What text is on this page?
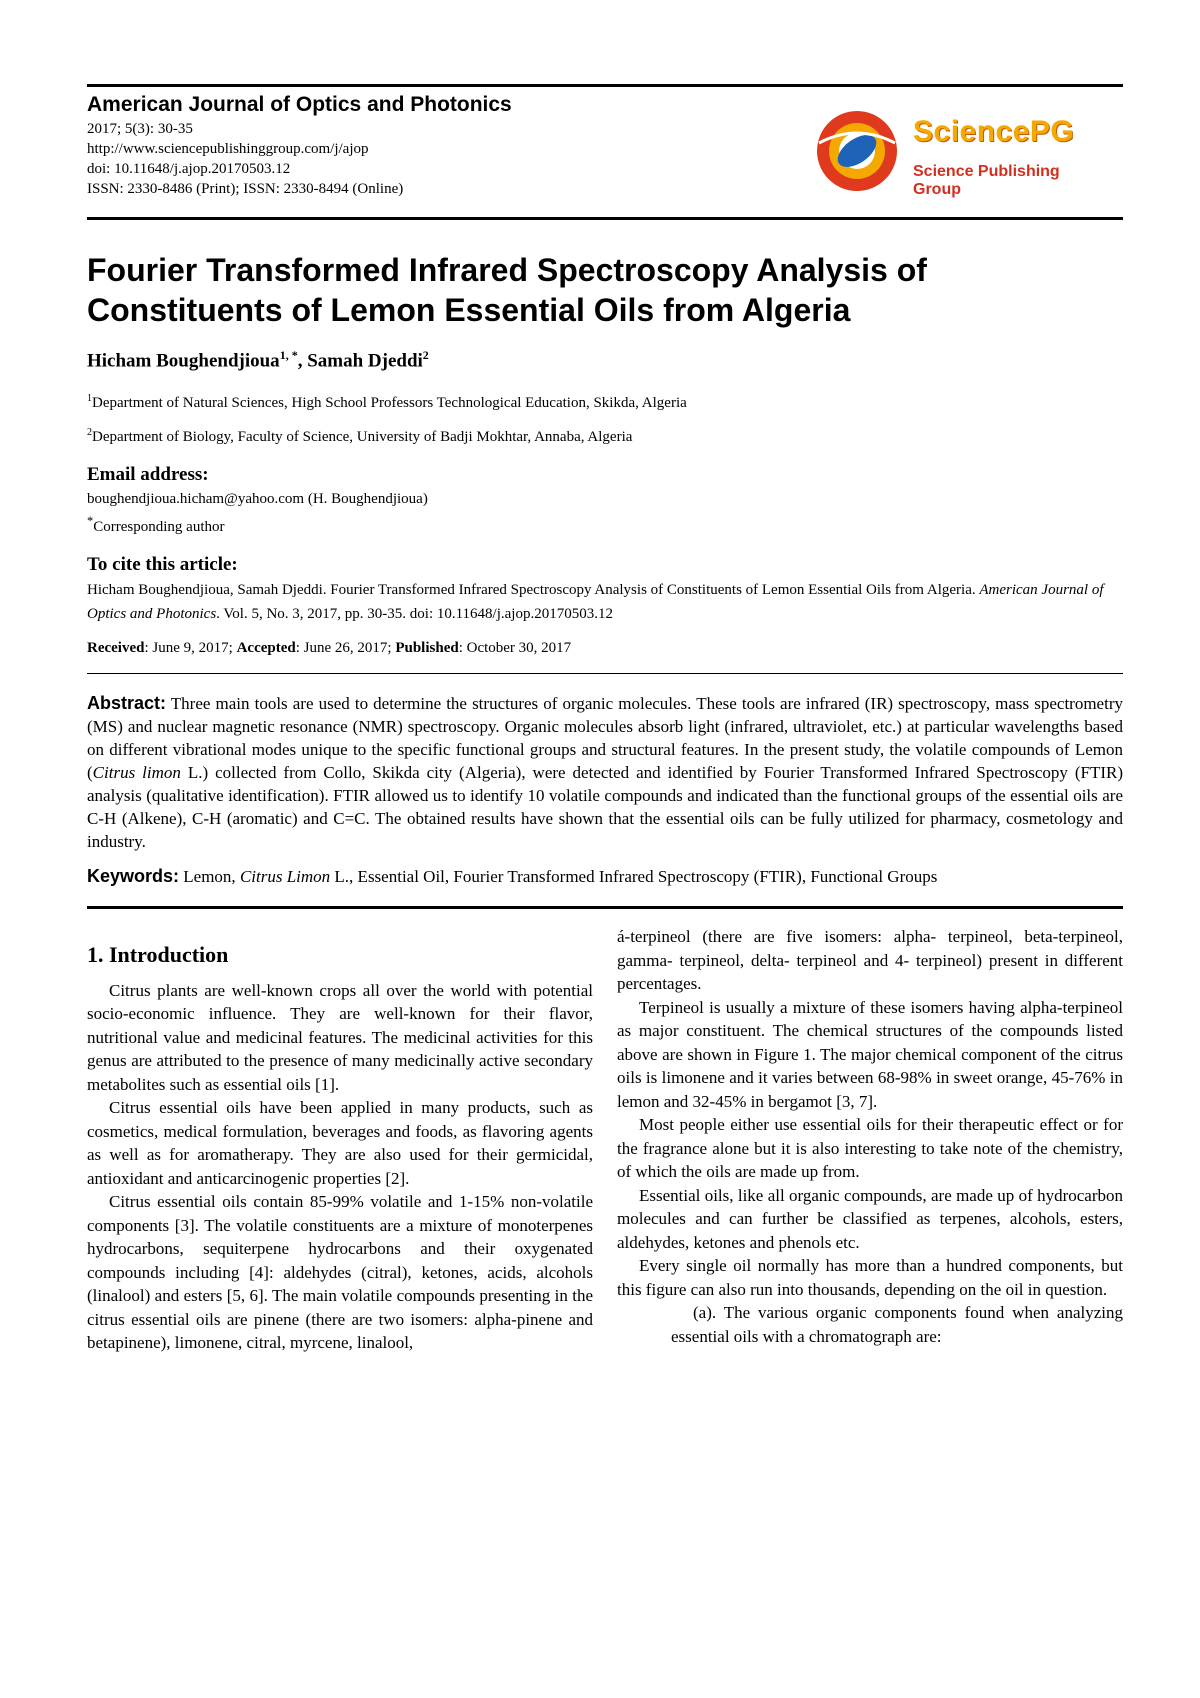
American Journal of Optics and Photonics
2017; 5(3): 30-35
http://www.sciencepublishinggroup.com/j/ajop
doi: 10.11648/j.ajop.20170503.12
ISSN: 2330-8486 (Print); ISSN: 2330-8494 (Online)
SciencePG
Science Publishing Group
Fourier Transformed Infrared Spectroscopy Analysis of Constituents of Lemon Essential Oils from Algeria
Hicham Boughendjioua$^{1, *}$, Samah Djeddi$^2$
$^1$Department of Natural Sciences, High School Professors Technological Education, Skikda, Algeria
$^2$Department of Biology, Faculty of Science, University of Badji Mokhtar, Annaba, Algeria
Email address:
boughendjioua.hicham@yahoo.com (H. Boughendjioua)
*Corresponding author
To cite this article:
Hicham Boughendjioua, Samah Djeddi. Fourier Transformed Infrared Spectroscopy Analysis of Constituents of Lemon Essential Oils from Algeria. American Journal of Optics and Photonics. Vol. 5, No. 3, 2017, pp. 30-35. doi: 10.11648/j.ajop.20170503.12
Received: June 9, 2017; Accepted: June 26, 2017; Published: October 30, 2017
Abstract: Three main tools are used to determine the structures of organic molecules. These tools are infrared (IR) spectroscopy, mass spectrometry (MS) and nuclear magnetic resonance (NMR) spectroscopy. Organic molecules absorb light (infrared, ultraviolet, etc.) at particular wavelengths based on different vibrational modes unique to the specific functional groups and structural features. In the present study, the volatile compounds of Lemon (Citrus limon L.) collected from Collo, Skikda city (Algeria), were detected and identified by Fourier Transformed Infrared Spectroscopy (FTIR) analysis (qualitative identification). FTIR allowed us to identify 10 volatile compounds and indicated than the functional groups of the essential oils are C-H (Alkene), C-H (aromatic) and C=C. The obtained results have shown that the essential oils can be fully utilized for pharmacy, cosmetology and industry.
Keywords: Lemon, Citrus Limon L., Essential Oil, Fourier Transformed Infrared Spectroscopy (FTIR), Functional Groups
1. Introduction

Citrus plants are well-known crops all over the world with potential socio-economic influence. They are well-known for their flavor, nutritional value and medicinal features. The medicinal activities for this genus are attributed to the presence of many medicinally active secondary metabolites such as essential oils [1].

Citrus essential oils have been applied in many products, such as cosmetics, medical formulation, beverages and foods, as flavoring agents as well as for aromatherapy. They are also used for their germicidal, antioxidant and anticarcinogenic properties [2].

Citrus essential oils contain 85-99% volatile and 1-15% non-volatile components [3]. The volatile constituents are a mixture of monoterpenes hydrocarbons, sequiterpene hydrocarbons and their oxygenated compounds including [4]: aldehydes (citral), ketones, acids, alcohols (linalool) and esters [5, 6]. The main volatile compounds presenting in the citrus essential oils are pinene (there are two isomers: alpha-pinene and betapinene), limonene, citral, myrcene, linalool,

á-terpineol (there are five isomers: alpha- terpineol, beta-terpineol, gamma- terpineol, delta- terpineol and 4- terpineol) present in different percentages.

Terpineol is usually a mixture of these isomers having alpha-terpineol as major constituent. The chemical structures of the compounds listed above are shown in Figure 1. The major chemical component of the citrus oils is limonene and it varies between 68-98% in sweet orange, 45-76% in lemon and 32-45% in bergamot [3, 7].

Most people either use essential oils for their therapeutic effect or for the fragrance alone but it is also interesting to take note of the chemistry, of which the oils are made up from.

Essential oils, like all organic compounds, are made up of hydrocarbon molecules and can further be classified as terpenes, alcohols, esters, aldehydes, ketones and phenols etc.

Every single oil normally has more than a hundred components, but this figure can also run into thousands, depending on the oil in question.

(a). The various organic components found when analyzing essential oils with a chromatograph are:
